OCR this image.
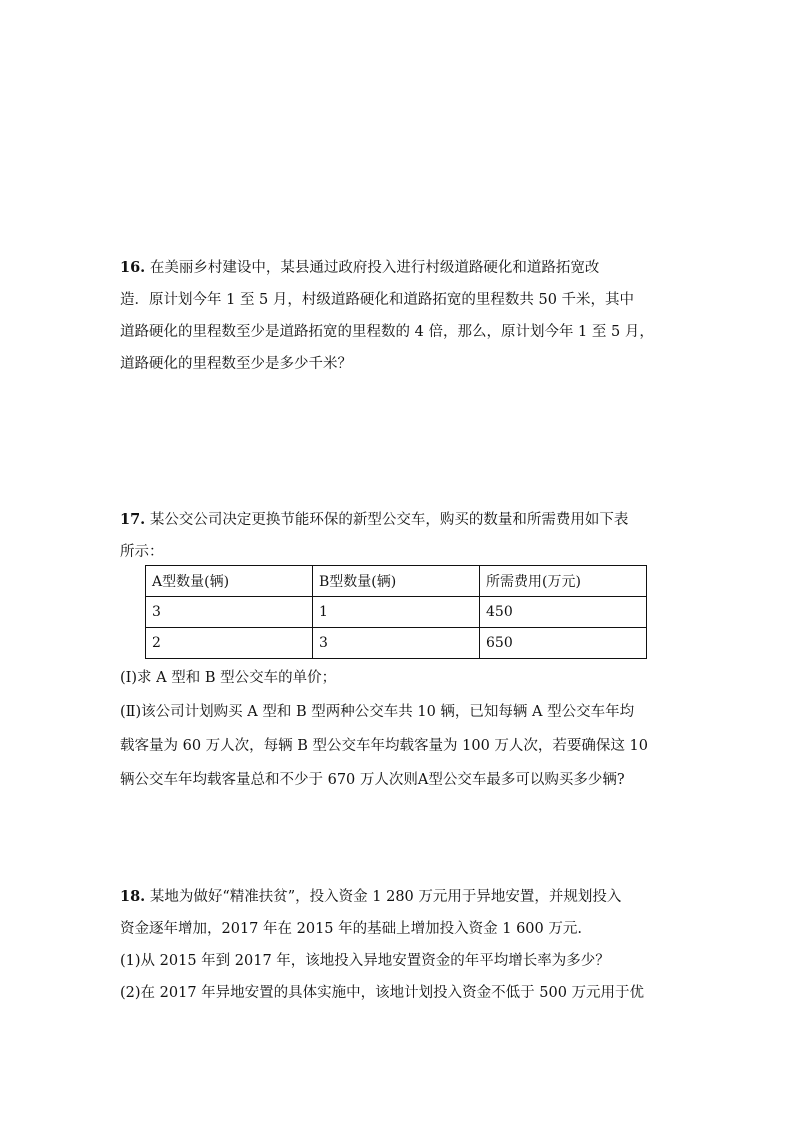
16. 在美丽乡村建设中，某县通过政府投入进行村级道路硬化和道路拓宽改
造．原计划今年 1 至 5 月，村级道路硬化和道路拓宽的里程数共 50 千米，其中
道路硬化的里程数至少是道路拓宽的里程数的 4 倍，那么，原计划今年 1 至 5 月，
道路硬化的里程数至少是多少千米？
17. 某公交公司决定更换节能环保的新型公交车，购买的数量和所需费用如下表
所示：
A型数量(辆)	B型数量(辆)	所需费用(万元)
3	1	450
2	3	650
(Ⅰ)求 A 型和 B 型公交车的单价；
(Ⅱ)该公司计划购买 A 型和 B 型两种公交车共 10 辆，已知每辆 A 型公交车年均
载客量为 60 万人次，每辆 B 型公交车年均载客量为 100 万人次，若要确保这 10
辆公交车年均载客量总和不少于 670 万人次则A型公交车最多可以购买多少辆?
18. 某地为做好“精准扶贫”，投入资金 1 280 万元用于异地安置，并规划投入
资金逐年增加，2017 年在 2015 年的基础上增加投入资金 1 600 万元.
(1)从 2015 年到 2017 年，该地投入异地安置资金的年平均增长率为多少？
(2)在 2017 年异地安置的具体实施中，该地计划投入资金不低于 500 万元用于优
